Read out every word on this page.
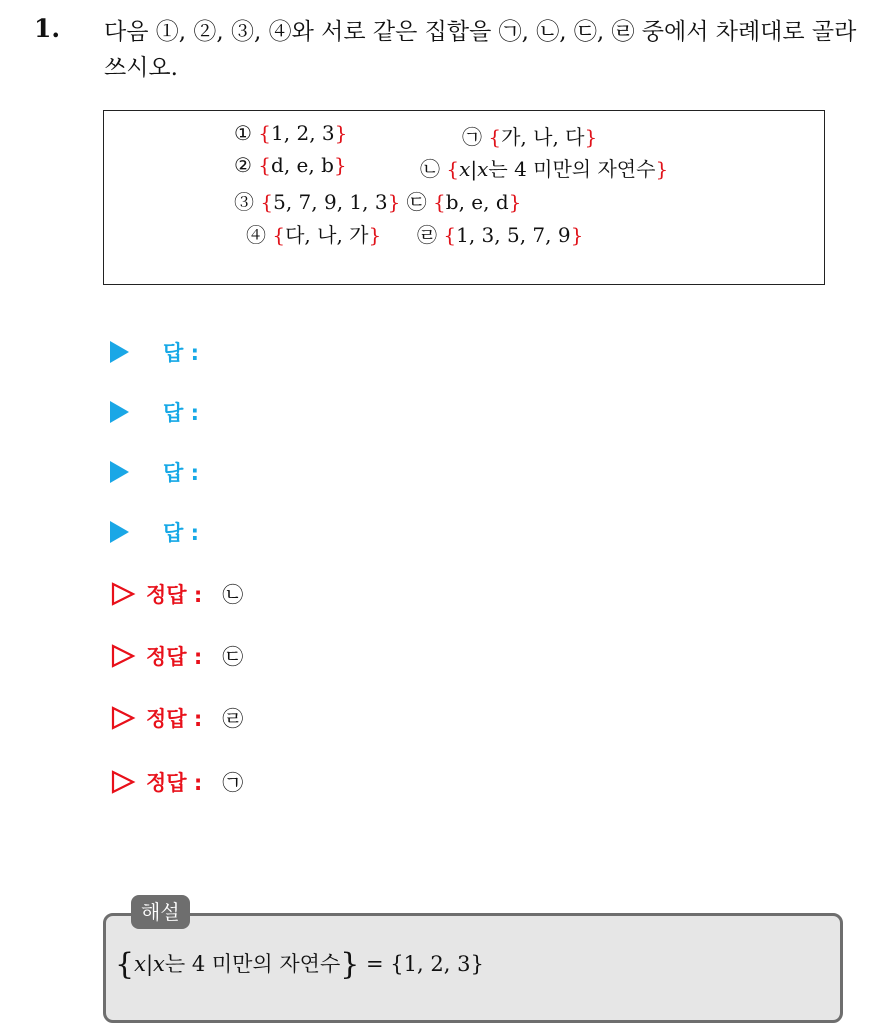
1. 다음 ①, ②, ③, ④와 서로 같은 집합을 ㉠, ㉡, ㉢, ㉣ 중에서 차례대로 골라 쓰시오.
① {1, 2, 3}	㉠ {가, 나, 다}
② {d, e, b}	㉡ {x|x는 4 미만의 자연수}
③ {5, 7, 9, 1, 3} ㉢ {b, e, d}
④ {다, 나, 가} ㉣ {1, 3, 5, 7, 9}
답 :
답 :
답 :
답 :
정답 : ㉡
정답 : ㉢
정답 : ㉣
정답 : ㉠
해설
{x|x는 4 미만의 자연수} = {1, 2, 3}
